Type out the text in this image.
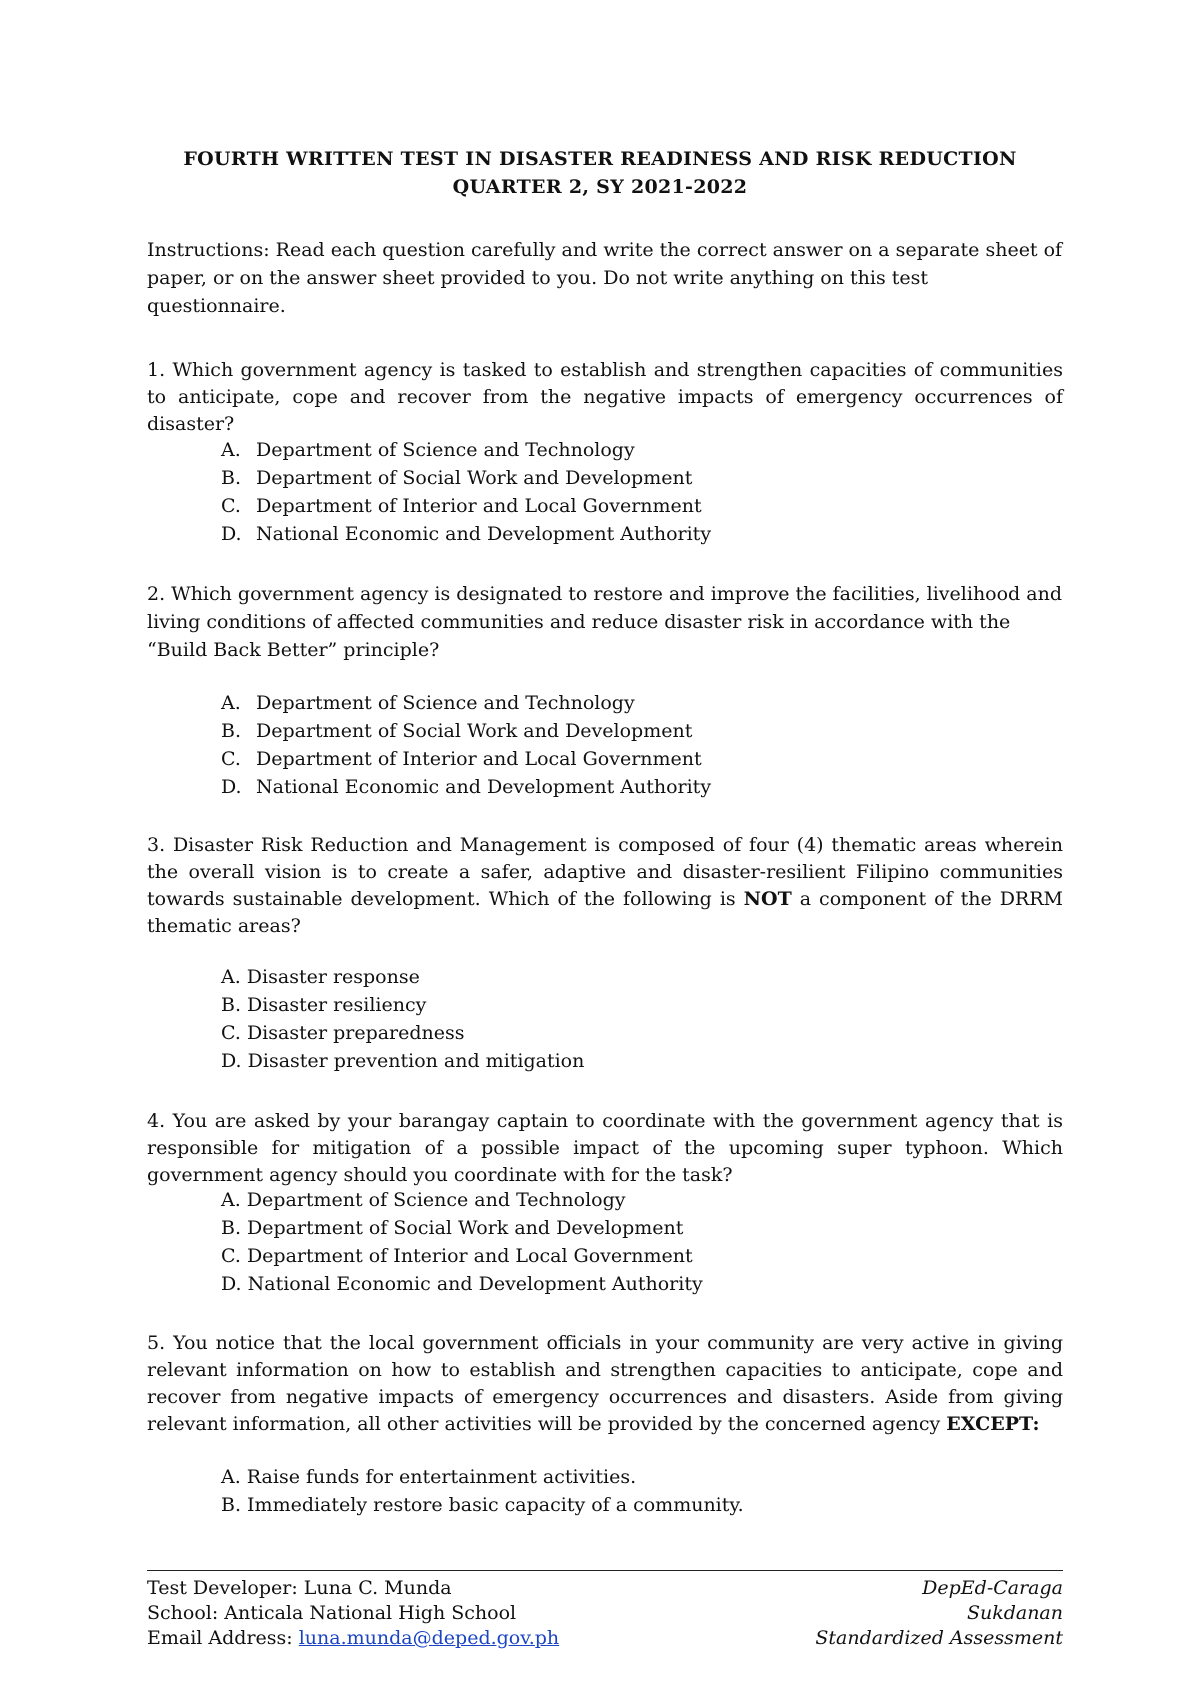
FOURTH WRITTEN TEST IN DISASTER READINESS AND RISK REDUCTION
QUARTER 2, SY 2021-2022
Instructions: Read each question carefully and write the correct answer on a separate sheet of paper, or on the answer sheet provided to you. Do not write anything on this test questionnaire.
1. Which government agency is tasked to establish and strengthen capacities of communities to anticipate, cope and recover from the negative impacts of emergency occurrences of disaster?
A. Department of Science and Technology
B. Department of Social Work and Development
C. Department of Interior and Local Government
D. National Economic and Development Authority
2. Which government agency is designated to restore and improve the facilities, livelihood and living conditions of affected communities and reduce disaster risk in accordance with the “Build Back Better” principle?
A. Department of Science and Technology
B. Department of Social Work and Development
C. Department of Interior and Local Government
D. National Economic and Development Authority
3. Disaster Risk Reduction and Management is composed of four (4) thematic areas wherein the overall vision is to create a safer, adaptive and disaster-resilient Filipino communities towards sustainable development. Which of the following is NOT a component of the DRRM thematic areas?
A. Disaster response
B. Disaster resiliency
C. Disaster preparedness
D. Disaster prevention and mitigation
4. You are asked by your barangay captain to coordinate with the government agency that is responsible for mitigation of a possible impact of the upcoming super typhoon. Which government agency should you coordinate with for the task?
A. Department of Science and Technology
B. Department of Social Work and Development
C. Department of Interior and Local Government
D. National Economic and Development Authority
5. You notice that the local government officials in your community are very active in giving relevant information on how to establish and strengthen capacities to anticipate, cope and recover from negative impacts of emergency occurrences and disasters. Aside from giving relevant information, all other activities will be provided by the concerned agency EXCEPT:
A. Raise funds for entertainment activities.
B. Immediately restore basic capacity of a community.
Test Developer: Luna C. Munda
School: Anticala National High School
Email Address: luna.munda@deped.gov.ph
DepEd-Caraga
Sukdanan
Standardized Assessment
